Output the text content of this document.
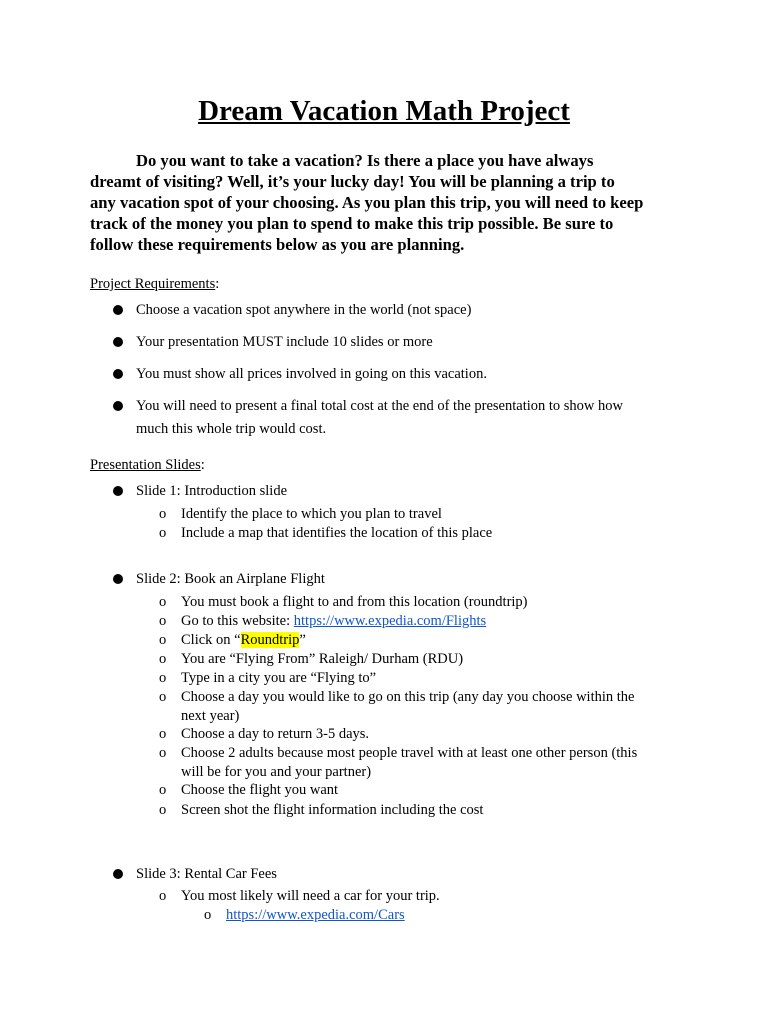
Dream Vacation Math Project

Do you want to take a vacation? Is there a place you have always

dreamt of visiting? Well, it’s your lucky day! You will be planning a trip to

any vacation spot of your choosing. As you plan this trip, you will need to keep

track of the money you plan to spend to make this trip possible. Be sure to

follow these requirements below as you are planning.

Project Requirements:
Choose a vacation spot anywhere in the world (not space)
Your presentation MUST include 10 slides or more
You must show all prices involved in going on this vacation.
You will need to present a final total cost at the end of the presentation to show how
much this whole trip would cost.
Presentation Slides:
Slide 1: Introduction slide
o Identify the place to which you plan to travel
o Include a map that identifies the location of this place
Slide 2: Book an Airplane Flight
o You must book a flight to and from this location (roundtrip)
o Go to this website: https://www.expedia.com/Flights
o Click on “Roundtrip”
o You are “Flying From” Raleigh/ Durham (RDU)
o Type in a city you are “Flying to”
o Choose a day you would like to go on this trip (any day you choose within the
next year)
o Choose a day to return 3-5 days.
o Choose 2 adults because most people travel with at least one other person (this
will be for you and your partner)
o Choose the flight you want
o Screen shot the flight information including the cost
Slide 3: Rental Car Fees
o You most likely will need a car for your trip.
o https://www.expedia.com/Cars
